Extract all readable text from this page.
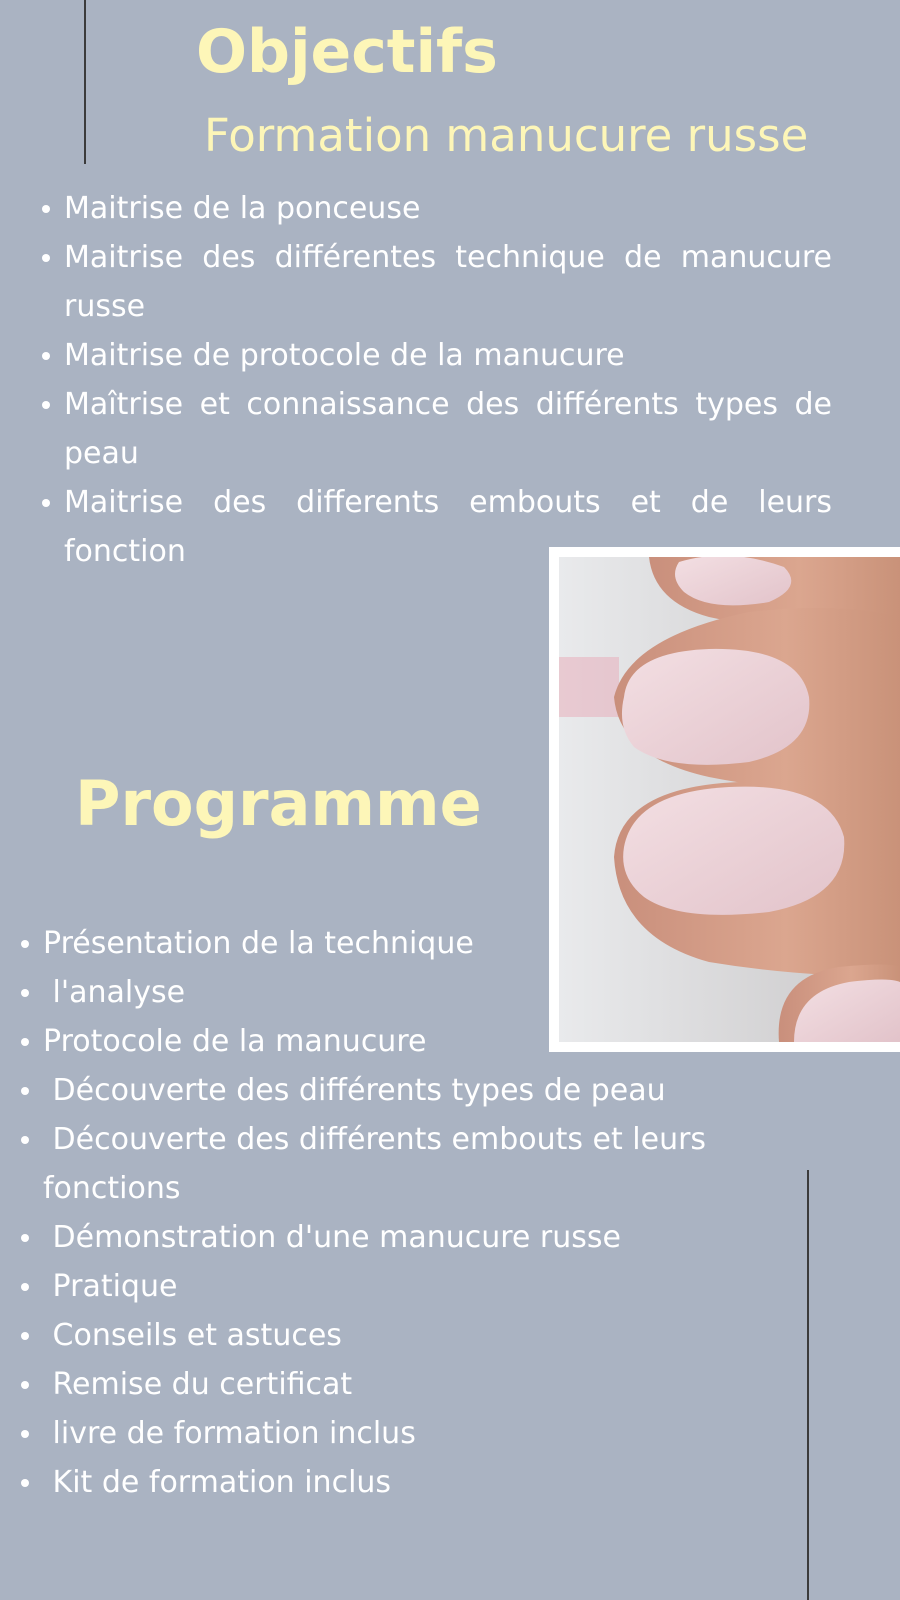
Objectifs
Formation manucure russe
Maitrise de la ponceuse
Maitrise des différentes technique de manucure russe
Maitrise de protocole de la manucure
Maîtrise et connaissance des différents types de peau
Maitrise des differents embouts et de leurs fonction
Programme
Présentation de la technique
l'analyse
Protocole de la manucure
Découverte des différents types de peau
Découverte des différents embouts et leurs fonctions
Démonstration d'une manucure russe
Pratique
Conseils et astuces
Remise du certificat
livre de formation inclus
Kit de formation inclus
